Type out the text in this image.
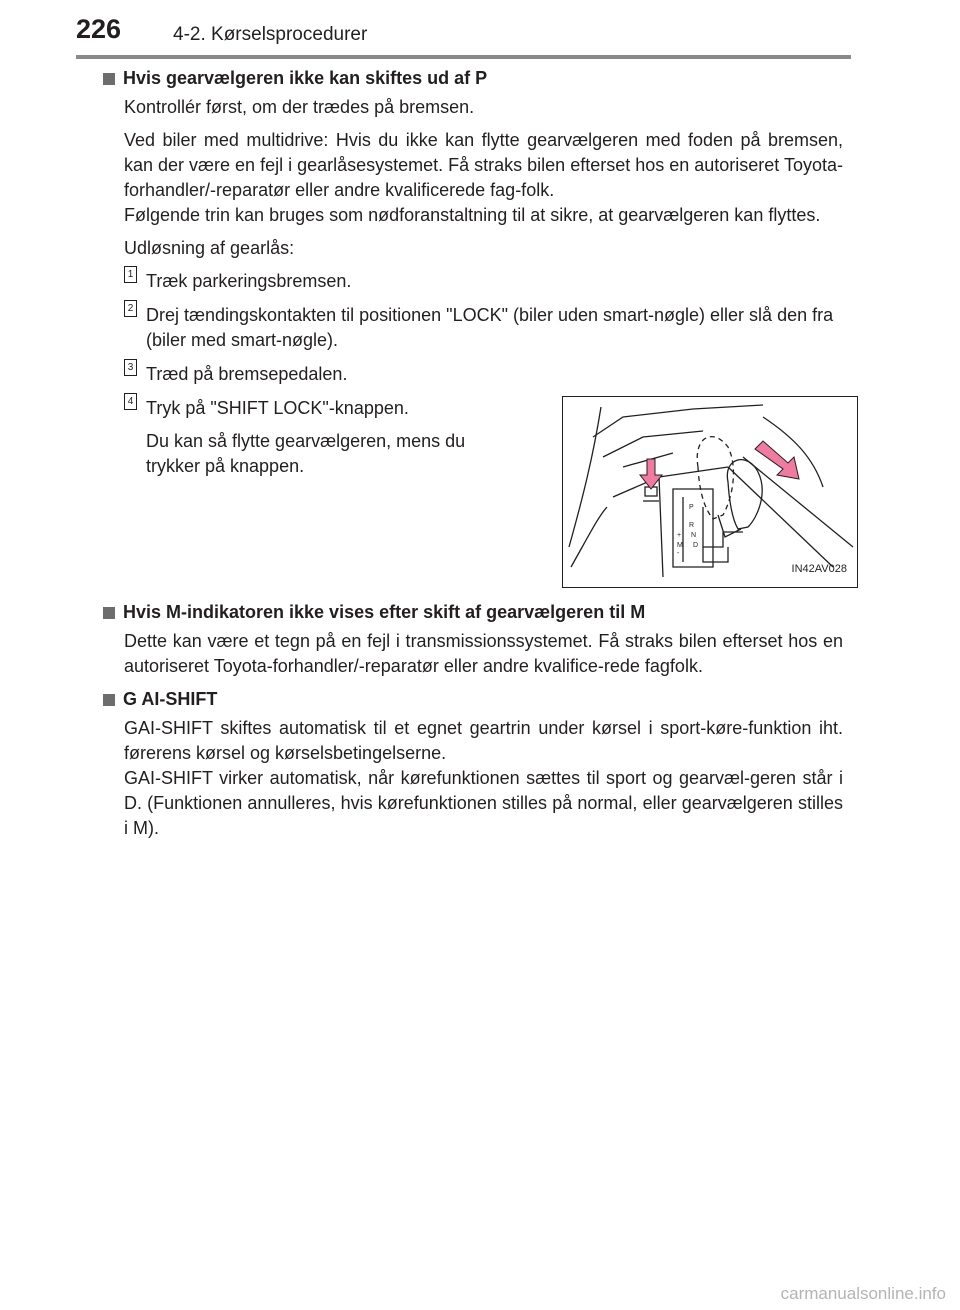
226	4-2. Kørselsprocedurer
Hvis gearvælgeren ikke kan skiftes ud af P

Kontrollér først, om der trædes på bremsen.

Ved biler med multidrive: Hvis du ikke kan flytte gearvælgeren med foden på bremsen, kan der være en fejl i gearlåsesystemet. Få straks bilen efterset hos en autoriseret Toyota-forhandler/-reparatør eller andre kvalificerede fag-folk.

Følgende trin kan bruges som nødforanstaltning til at sikre, at gearvælgeren kan flyttes.

Udløsning af gearlås:

1 Træk parkeringsbremsen.
2 Drej tændingskontakten til positionen "LOCK" (biler uden smart-nøgle) eller slå den fra (biler med smart-nøgle).
3 Træd på bremsepedalen.
4 Tryk på "SHIFT LOCK"-knappen.
Du kan så flytte gearvælgeren, mens du trykker på knappen.
P
R
N
D
+
-
M
IN42AV028
Hvis M-indikatoren ikke vises efter skift af gearvælgeren til M

Dette kan være et tegn på en fejl i transmissionssystemet. Få straks bilen efterset hos en autoriseret Toyota-forhandler/-reparatør eller andre kvalifice-rede fagfolk.

G AI-SHIFT

GAI-SHIFT skiftes automatisk til et egnet geartrin under kørsel i sport-køre-funktion iht. førerens kørsel og kørselsbetingelserne.

GAI-SHIFT virker automatisk, når kørefunktionen sættes til sport og gearvæl-geren står i D. (Funktionen annulleres, hvis kørefunktionen stilles på normal, eller gearvælgeren stilles i M).

carmanualsonline.info
